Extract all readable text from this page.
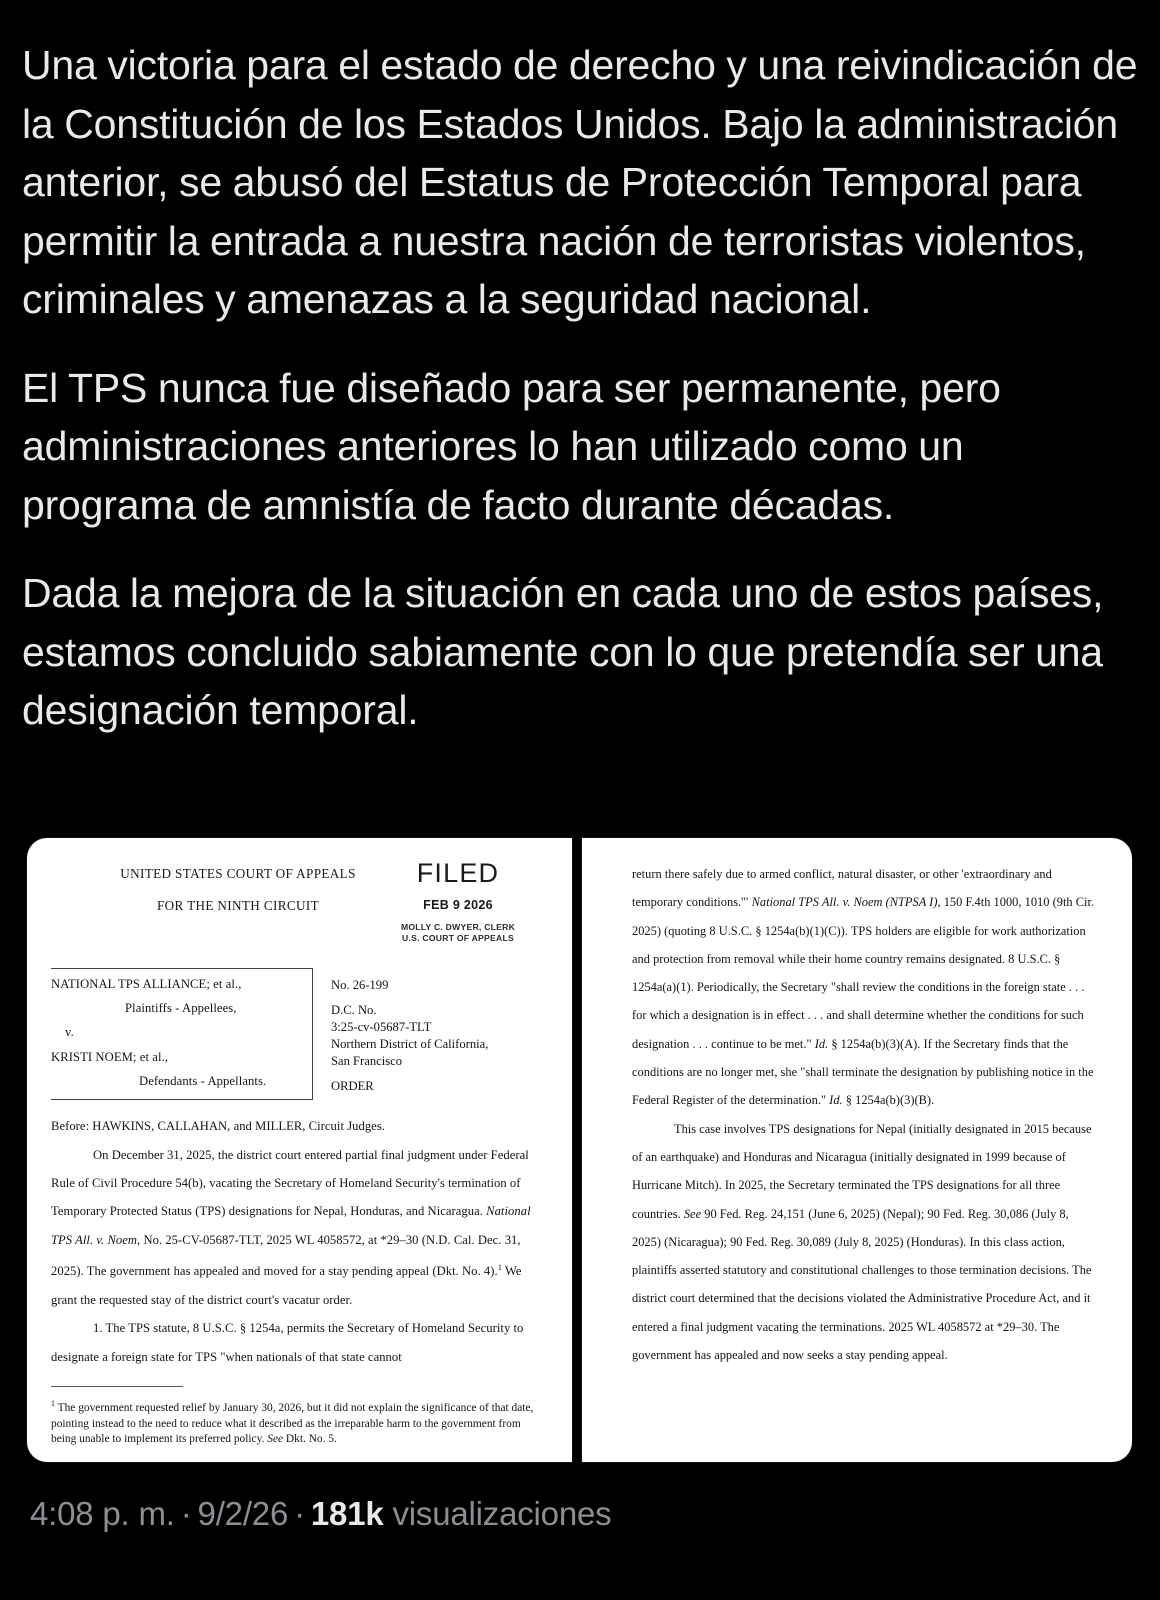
Una victoria para el estado de derecho y una reivindicación de la Constitución de los Estados Unidos. Bajo la administración anterior, se abusó del Estatus de Protección Temporal para permitir la entrada a nuestra nación de terroristas violentos, criminales y amenazas a la seguridad nacional.

El TPS nunca fue diseñado para ser permanente, pero administraciones anteriores lo han utilizado como un programa de amnistía de facto durante décadas.

Dada la mejora de la situación en cada uno de estos países, estamos concluido sabiamente con lo que pretendía ser una designación temporal.

UNITED STATES COURT OF APPEALS
FOR THE NINTH CIRCUIT
FILED
FEB 9 2026
MOLLY C. DWYER, CLERK
U.S. COURT OF APPEALS
NATIONAL TPS ALLIANCE; et al.,
Plaintiffs - Appellees,
v.
KRISTI NOEM; et al.,
Defendants - Appellants.
No. 26-199
D.C. No.
3:25-cv-05687-TLT
Northern District of California,
San Francisco
ORDER

Before: HAWKINS, CALLAHAN, and MILLER, Circuit Judges.

On December 31, 2025, the district court entered partial final judgment under Federal Rule of Civil Procedure 54(b), vacating the Secretary of Homeland Security's termination of Temporary Protected Status (TPS) designations for Nepal, Honduras, and Nicaragua. National TPS All. v. Noem, No. 25-CV-05687-TLT, 2025 WL 4058572, at *29–30 (N.D. Cal. Dec. 31, 2025). The government has appealed and moved for a stay pending appeal (Dkt. No. 4).$^1$ We grant the requested stay of the district court's vacatur order.

1. The TPS statute, 8 U.S.C. § 1254a, permits the Secretary of Homeland Security to designate a foreign state for TPS "when nationals of that state cannot

$^1$ The government requested relief by January 30, 2026, but it did not explain the significance of that date, pointing instead to the need to reduce what it described as the irreparable harm to the government from being unable to implement its preferred policy. See Dkt. No. 5.

return there safely due to armed conflict, natural disaster, or other 'extraordinary and temporary conditions.'" National TPS All. v. Noem (NTPSA I), 150 F.4th 1000, 1010 (9th Cir. 2025) (quoting 8 U.S.C. § 1254a(b)(1)(C)). TPS holders are eligible for work authorization and protection from removal while their home country remains designated. 8 U.S.C. § 1254a(a)(1). Periodically, the Secretary "shall review the conditions in the foreign state . . . for which a designation is in effect . . . and shall determine whether the conditions for such designation . . . continue to be met." Id. § 1254a(b)(3)(A). If the Secretary finds that the conditions are no longer met, she "shall terminate the designation by publishing notice in the Federal Register of the determination." Id. § 1254a(b)(3)(B).

This case involves TPS designations for Nepal (initially designated in 2015 because of an earthquake) and Honduras and Nicaragua (initially designated in 1999 because of Hurricane Mitch). In 2025, the Secretary terminated the TPS designations for all three countries. See 90 Fed. Reg. 24,151 (June 6, 2025) (Nepal); 90 Fed. Reg. 30,086 (July 8, 2025) (Nicaragua); 90 Fed. Reg. 30,089 (July 8, 2025) (Honduras). In this class action, plaintiffs asserted statutory and constitutional challenges to those termination decisions. The district court determined that the decisions violated the Administrative Procedure Act, and it entered a final judgment vacating the terminations. 2025 WL 4058572 at *29–30. The government has appealed and now seeks a stay pending appeal.

4:08 p. m. · 9/2/26 · 181k visualizaciones
